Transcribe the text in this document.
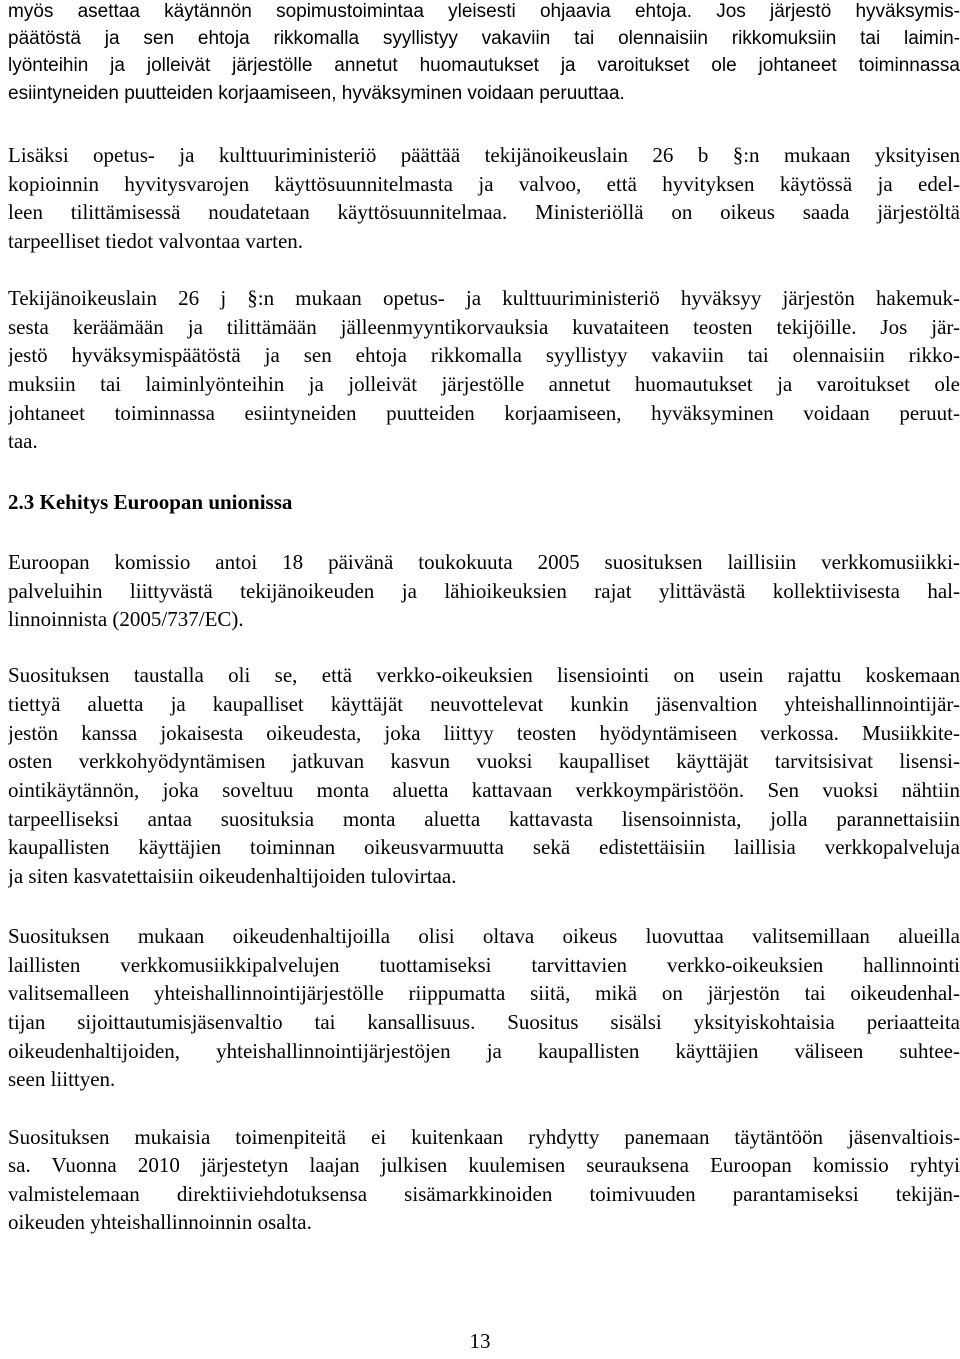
myös asettaa käytännön sopimustoimintaa yleisesti ohjaavia ehtoja. Jos järjestö hyväksymis-
päätöstä ja sen ehtoja rikkomalla syyllistyy vakaviin tai olennaisiin rikkomuksiin tai laimin-
lyönteihin ja jolleivät järjestölle annetut huomautukset ja varoitukset ole johtaneet toiminnassa
esiintyneiden puutteiden korjaamiseen, hyväksyminen voidaan peruuttaa.
Lisäksi opetus- ja kulttuuriministeriö päättää tekijänoikeuslain 26 b §:n mukaan yksityisen
kopioinnin hyvitysvarojen käyttösuunnitelmasta ja valvoo, että hyvityksen käytössä ja edel-
leen tilittämisessä noudatetaan käyttösuunnitelmaa. Ministeriöllä on oikeus saada järjestöltä
tarpeelliset tiedot valvontaa varten.
Tekijänoikeuslain 26 j §:n mukaan opetus- ja kulttuuriministeriö hyväksyy järjestön hakemuk-
sesta keräämään ja tilittämään jälleenmyyntikorvauksia kuvataiteen teosten tekijöille. Jos jär-
jestö hyväksymispäätöstä ja sen ehtoja rikkomalla syyllistyy vakaviin tai olennaisiin rikko-
muksiin tai laiminlyönteihin ja jolleivät järjestölle annetut huomautukset ja varoitukset ole
johtaneet toiminnassa esiintyneiden puutteiden korjaamiseen, hyväksyminen voidaan peruut-
taa.
2.3 Kehitys Euroopan unionissa
Euroopan komissio antoi 18 päivänä toukokuuta 2005 suosituksen laillisiin verkkomusiikki-
palveluihin liittyvästä tekijänoikeuden ja lähioikeuksien rajat ylittävästä kollektiivisesta hal-
linnoinnista (2005/737/EC).
Suosituksen taustalla oli se, että verkko-oikeuksien lisensiointi on usein rajattu koskemaan
tiettyä aluetta ja kaupalliset käyttäjät neuvottelevat kunkin jäsenvaltion yhteishallinnointijär-
jestön kanssa jokaisesta oikeudesta, joka liittyy teosten hyödyntämiseen verkossa. Musiikkite-
osten verkkohyödyntämisen jatkuvan kasvun vuoksi kaupalliset käyttäjät tarvitsisivat lisensi-
ointikäytännön, joka soveltuu monta aluetta kattavaan verkkoympäristöön. Sen vuoksi nähtiin
tarpeelliseksi antaa suosituksia monta aluetta kattavasta lisensoinnista, jolla parannettaisiin
kaupallisten käyttäjien toiminnan oikeusvarmuutta sekä edistettäisiin laillisia verkkopalveluja
ja siten kasvatettaisiin oikeudenhaltijoiden tulovirtaa.
Suosituksen mukaan oikeudenhaltijoilla olisi oltava oikeus luovuttaa valitsemillaan alueilla
laillisten verkkomusiikkipalvelujen tuottamiseksi tarvittavien verkko-oikeuksien hallinnointi
valitsemalleen yhteishallinnointijärjestölle riippumatta siitä, mikä on järjestön tai oikeudenhal-
tijan sijoittautumisjäsenvaltio tai kansallisuus. Suositus sisälsi yksityiskohtaisia periaatteita
oikeudenhaltijoiden, yhteishallinnointijärjestöjen ja kaupallisten käyttäjien väliseen suhtee-
seen liittyen.
Suosituksen mukaisia toimenpiteitä ei kuitenkaan ryhdytty panemaan täytäntöön jäsenvaltiois-
sa. Vuonna 2010 järjestetyn laajan julkisen kuulemisen seurauksena Euroopan komissio ryhtyi
valmistelemaan direktiiviehdotuksensa sisämarkkinoiden toimivuuden parantamiseksi tekijän-
oikeuden yhteishallinnoinnin osalta.
13
